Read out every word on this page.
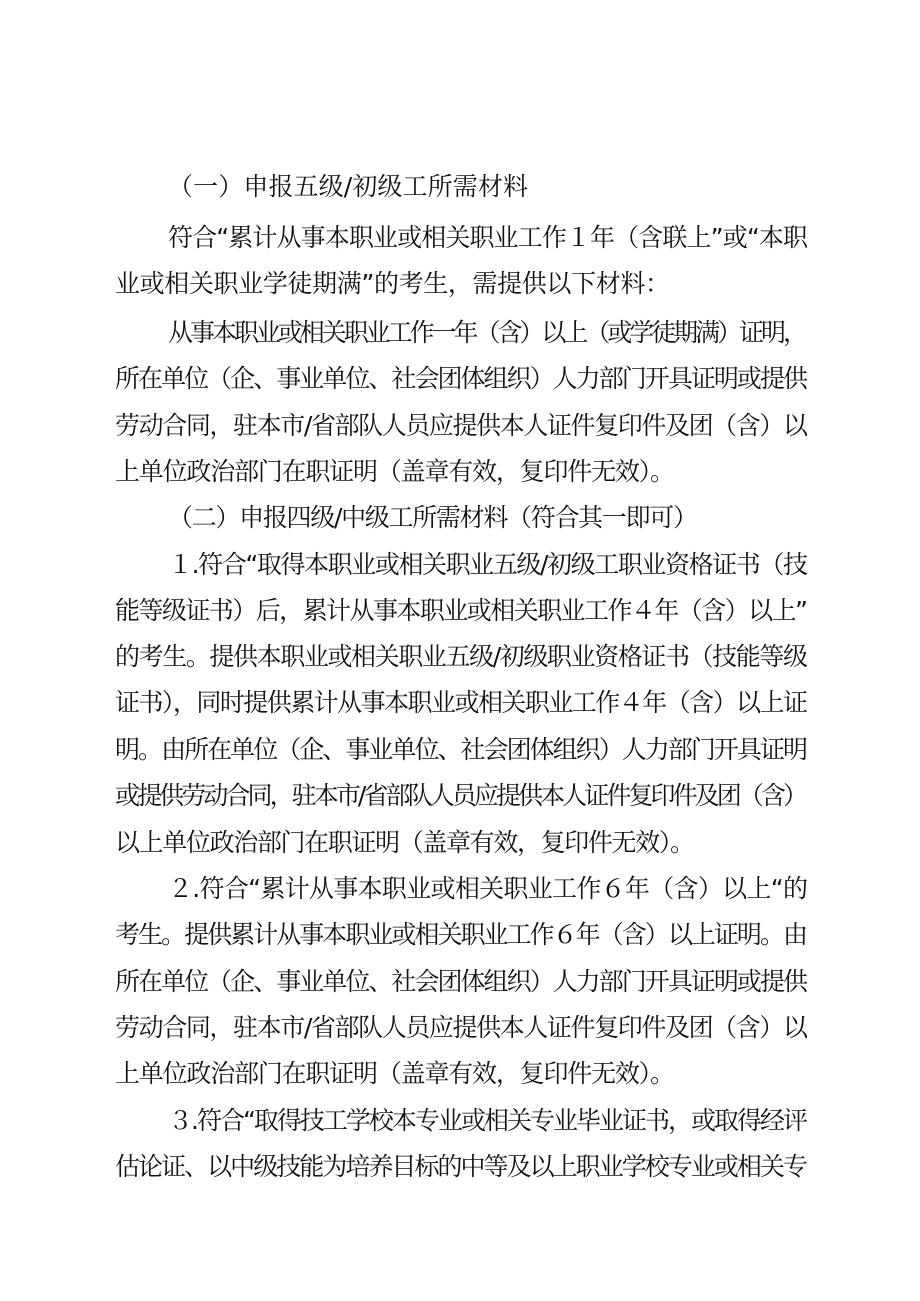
（一）申报五级/初级工所需材料
符合“累计从事本职业或相关职业工作１年（含联上”或“本职
业或相关职业学徒期满”的考生，需提供以下材料：
从事本职业或相关职业工作一年（含）以上（或学徒期满）证明，
所在单位（企、事业单位、社会团体组织）人力部门开具证明或提供
劳动合同，驻本市/省部队人员应提供本人证件复印件及团（含）以
上单位政治部门在职证明（盖章有效，复印件无效）。
（二）申报四级/中级工所需材料（符合其一即可）
１.符合“取得本职业或相关职业五级/初级工职业资格证书（技
能等级证书）后，累计从事本职业或相关职业工作４年（含）以上”
的考生。提供本职业或相关职业五级/初级职业资格证书（技能等级
证书），同时提供累计从事本职业或相关职业工作４年（含）以上证
明。由所在单位（企、事业单位、社会团体组织）人力部门开具证明
或提供劳动合同，驻本市/省部队人员应提供本人证件复印件及团（含）
以上单位政治部门在职证明（盖章有效，复印件无效）。
２.符合“累计从事本职业或相关职业工作６年（含）以上“的
考生。提供累计从事本职业或相关职业工作６年（含）以上证明。由
所在单位（企、事业单位、社会团体组织）人力部门开具证明或提供
劳动合同，驻本市/省部队人员应提供本人证件复印件及团（含）以
上单位政治部门在职证明（盖章有效，复印件无效）。
３.符合“取得技工学校本专业或相关专业毕业证书，或取得经评
估论证、以中级技能为培养目标的中等及以上职业学校专业或相关专
